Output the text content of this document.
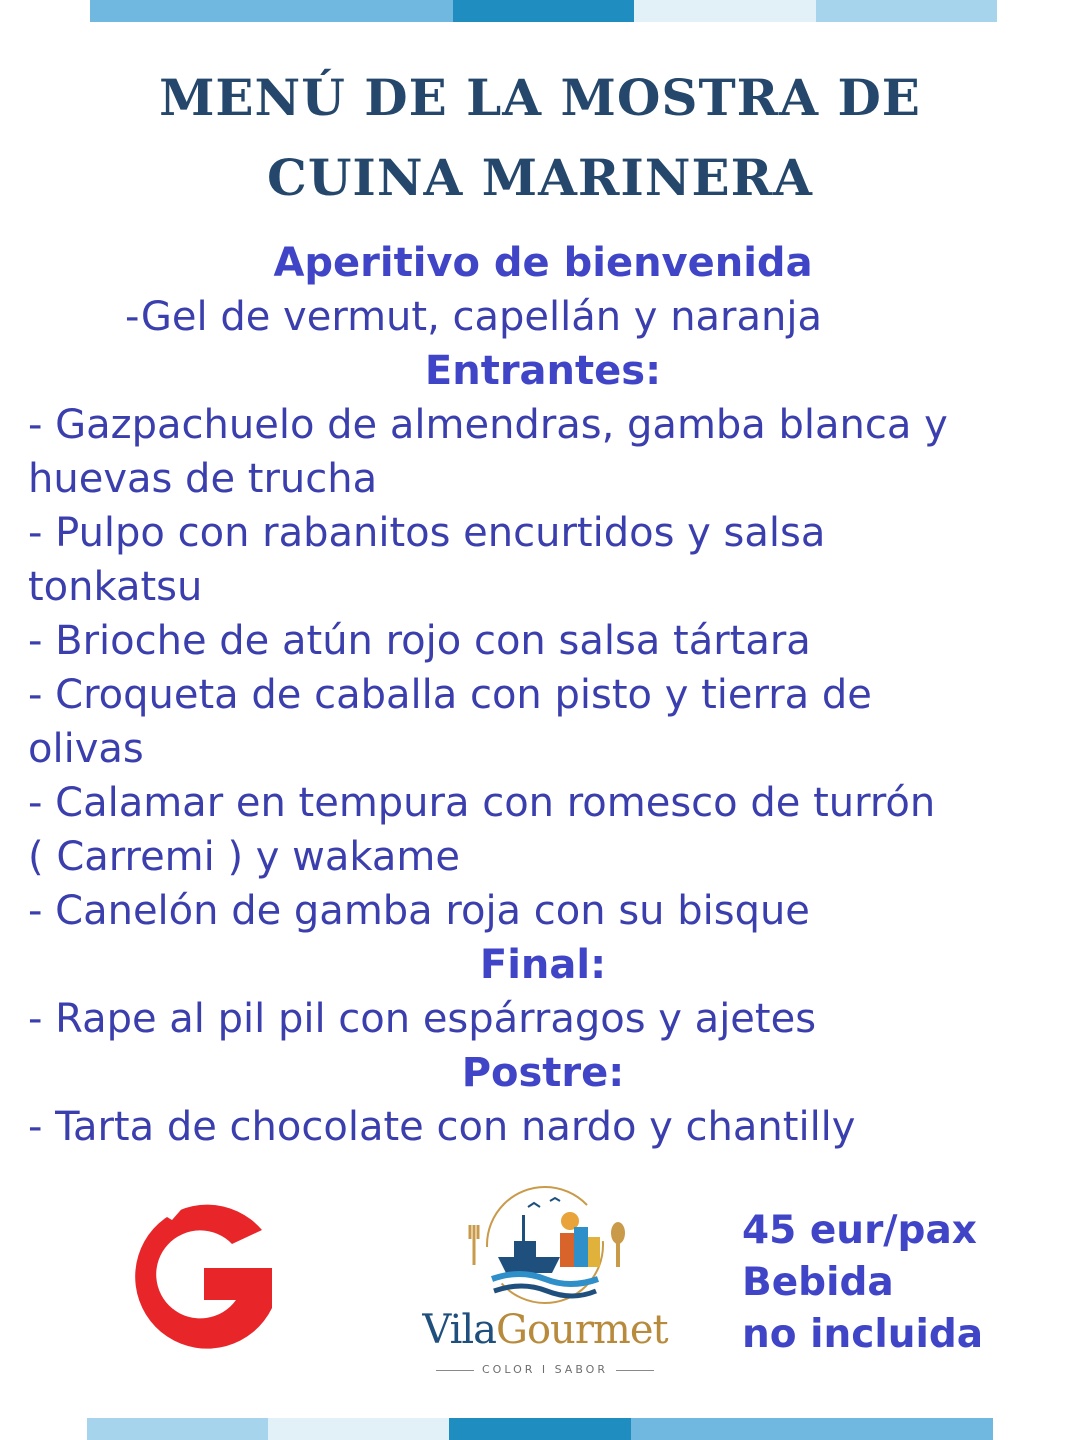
MENÚ DE LA MOSTRA DE
CUINA MARINERA
Aperitivo de bienvenida
-Gel de vermut, capellán y naranja
Entrantes:
- Gazpachuelo de almendras, gamba blanca y
huevas de trucha
- Pulpo con rabanitos encurtidos y salsa
tonkatsu
- Brioche de atún rojo con salsa tártara
- Croqueta de caballa con pisto y tierra de
olivas
- Calamar en tempura con romesco de turrón
( Carremi ) y wakame
- Canelón de gamba roja con su bisque
Final:
- Rape al pil pil con espárragos y ajetes
Postre:
- Tarta de chocolate con nardo y chantilly
VilaGourmet
COLOR I SABOR
45 eur/pax
Bebida
no incluida
